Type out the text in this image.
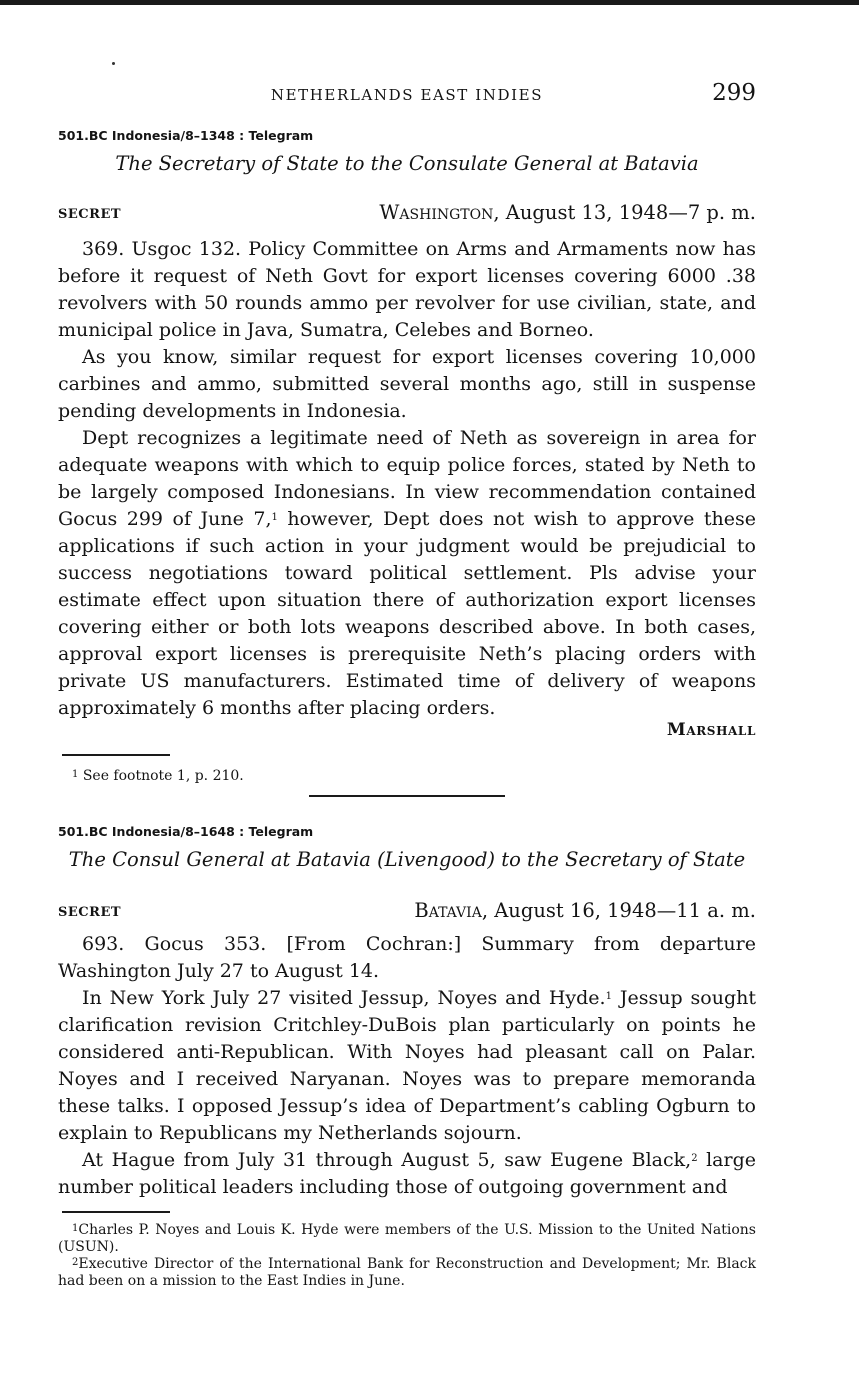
NETHERLANDS EAST INDIES	299
501.BC Indonesia/8–1348 : Telegram
The Secretary of State to the Consulate General at Batavia
SECRET	Washington, August 13, 1948—7 p. m.

369. Usgoc 132. Policy Committee on Arms and Armaments now has before it request of Neth Govt for export licenses covering 6000 .38 revolvers with 50 rounds ammo per revolver for use civilian, state, and municipal police in Java, Sumatra, Celebes and Borneo.

As you know, similar request for export licenses covering 10,000 carbines and ammo, submitted several months ago, still in suspense pending developments in Indonesia.

Dept recognizes a legitimate need of Neth as sovereign in area for adequate weapons with which to equip police forces, stated by Neth to be largely composed Indonesians. In view recommendation contained Gocus 299 of June 7,$^1$ however, Dept does not wish to approve these applications if such action in your judgment would be prejudicial to success negotiations toward political settlement. Pls advise your estimate effect upon situation there of authorization export licenses covering either or both lots weapons described above. In both cases, approval export licenses is prerequisite Neth’s placing orders with private US manufacturers. Estimated time of delivery of weapons approximately 6 months after placing orders.

Marshall

$^1$ See footnote 1, p. 210.

501.BC Indonesia/8–1648 : Telegram
The Consul General at Batavia (Livengood) to the Secretary of State
SECRET	Batavia, August 16, 1948—11 a. m.

693. Gocus 353. [From Cochran:] Summary from departure Washington July 27 to August 14.

In New York July 27 visited Jessup, Noyes and Hyde.$^1$ Jessup sought clarification revision Critchley-DuBois plan particularly on points he considered anti-Republican. With Noyes had pleasant call on Palar. Noyes and I received Naryanan. Noyes was to prepare memoranda these talks. I opposed Jessup’s idea of Department’s cabling Ogburn to explain to Republicans my Netherlands sojourn.

At Hague from July 31 through August 5, saw Eugene Black,$^2$ large number political leaders including those of outgoing government and

$^1$Charles P. Noyes and Louis K. Hyde were members of the U.S. Mission to the United Nations (USUN).

$^2$Executive Director of the International Bank for Reconstruction and Development; Mr. Black had been on a mission to the East Indies in June.
